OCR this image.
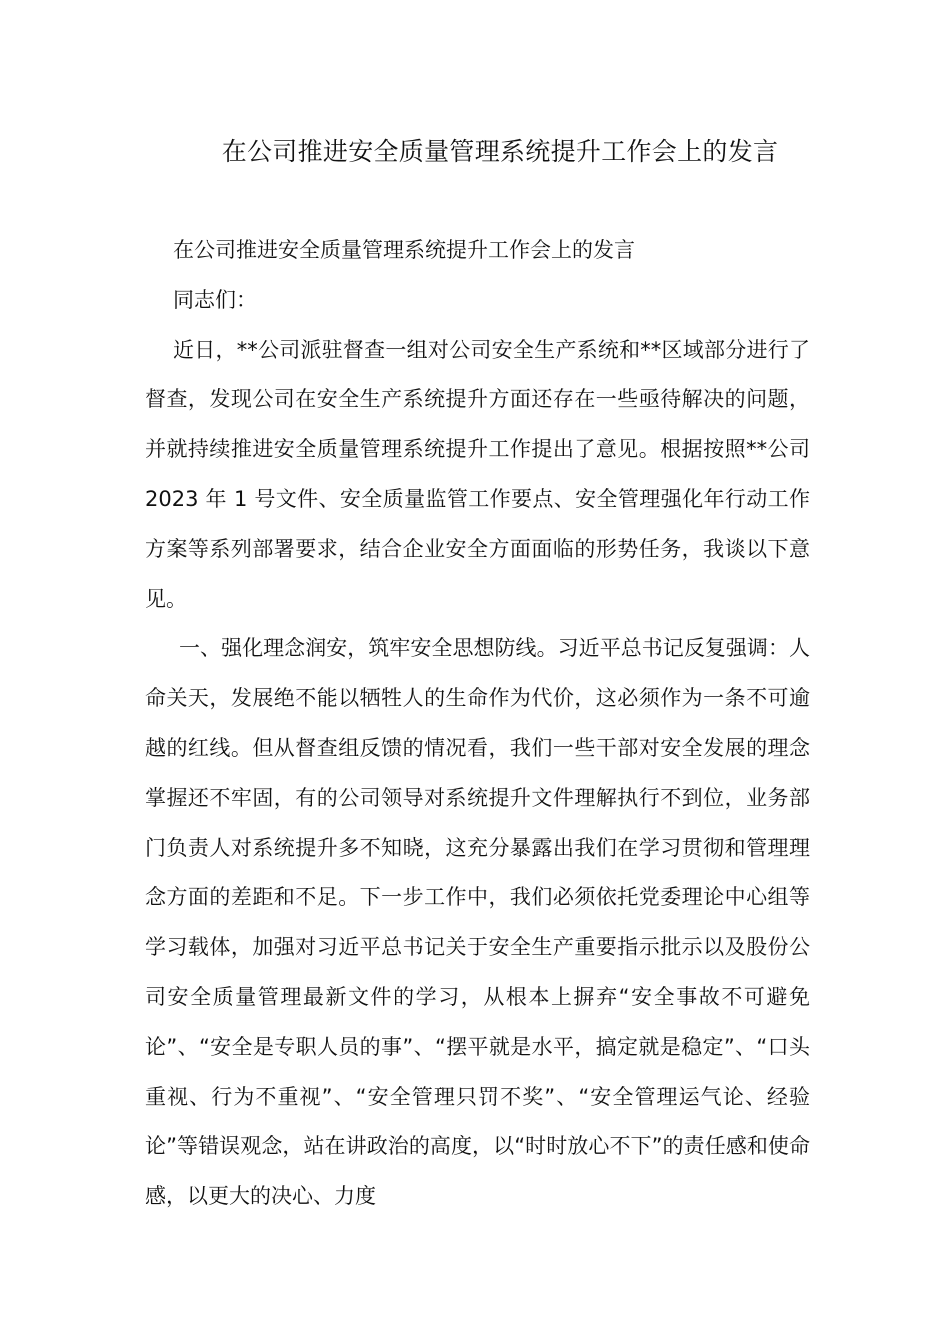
在公司推进安全质量管理系统提升工作会上的发言

在公司推进安全质量管理系统提升工作会上的发言

同志们：

近日，**公司派驻督查一组对公司安全生产系统和**区域部分进行了督查，发现公司在安全生产系统提升方面还存在一些亟待解决的问题，并就持续推进安全质量管理系统提升工作提出了意见。根据按照**公司 2023 年 1 号文件、安全质量监管工作要点、安全管理强化年行动工作方案等系列部署要求，结合企业安全方面面临的形势任务，我谈以下意见。

一、强化理念润安，筑牢安全思想防线。习近平总书记反复强调：人命关天，发展绝不能以牺牲人的生命作为代价，这必须作为一条不可逾越的红线。但从督查组反馈的情况看，我们一些干部对安全发展的理念掌握还不牢固，有的公司领导对系统提升文件理解执行不到位，业务部门负责人对系统提升多不知晓，这充分暴露出我们在学习贯彻和管理理念方面的差距和不足。下一步工作中，我们必须依托党委理论中心组等学习载体，加强对习近平总书记关于安全生产重要指示批示以及股份公司安全质量管理最新文件的学习，从根本上摒弃“安全事故不可避免论”、“安全是专职人员的事”、“摆平就是水平，搞定就是稳定”、“口头重视、行为不重视”、“安全管理只罚不奖”、“安全管理运气论、经验论”等错误观念，站在讲政治的高度，以“时时放心不下”的责任感和使命感，以更大的决心、力度
